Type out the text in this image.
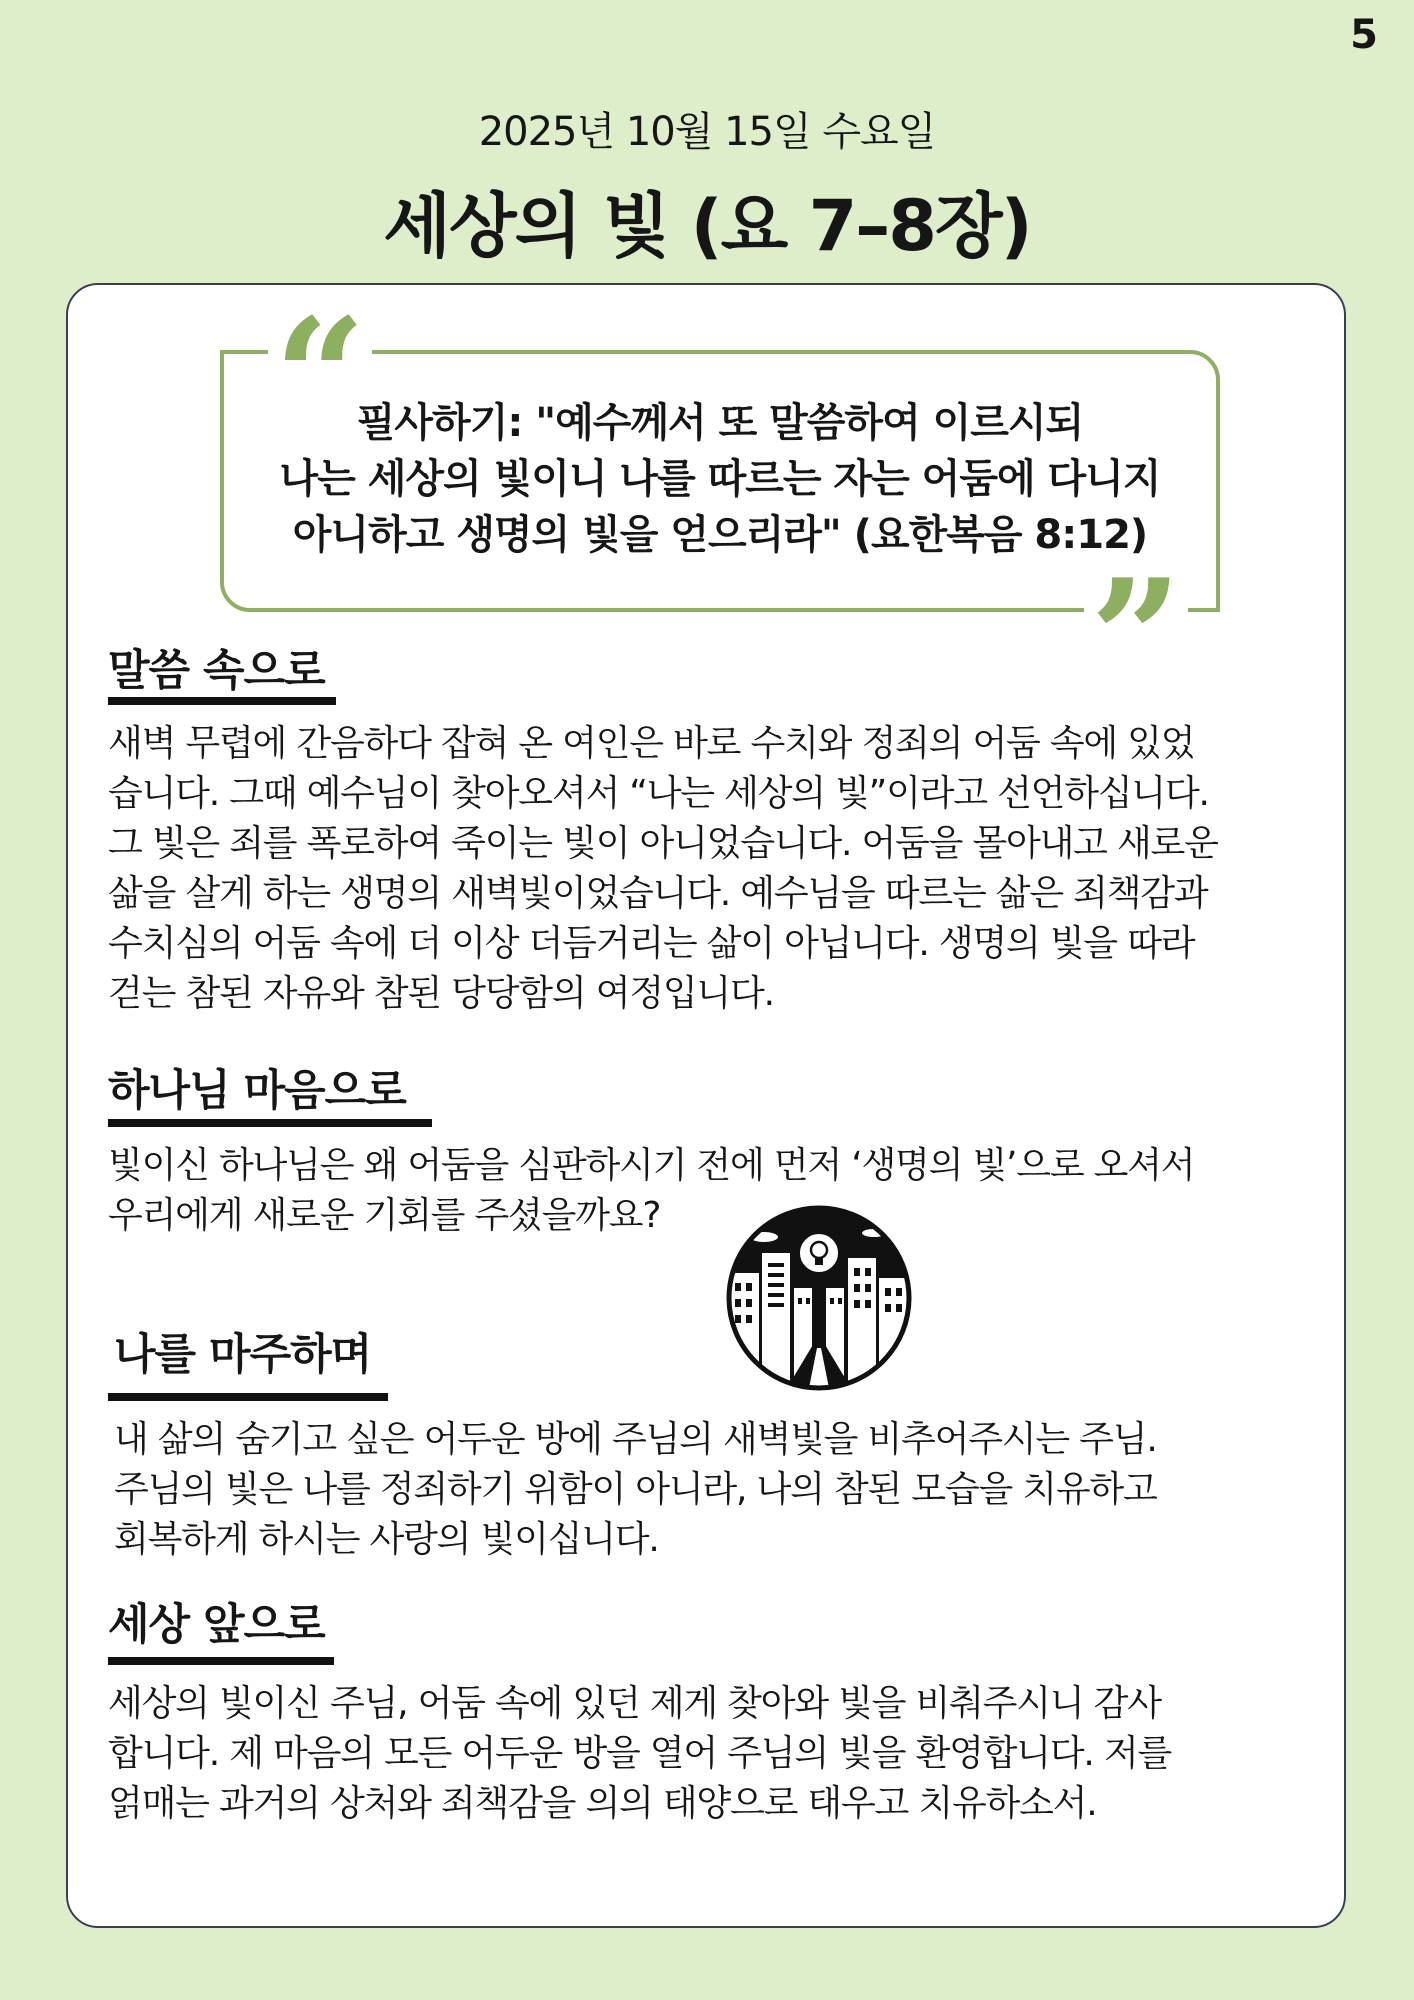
5
2025년 10월 15일 수요일
세상의 빛 (요 7–8장)
“
”
필사하기: "예수께서 또 말씀하여 이르시되
나는 세상의 빛이니 나를 따르는 자는 어둠에 다니지
아니하고 생명의 빛을 얻으리라" (요한복음 8:12)
말씀 속으로
새벽 무렵에 간음하다 잡혀 온 여인은 바로 수치와 정죄의 어둠 속에 있었
습니다. 그때 예수님이 찾아오셔서 “나는 세상의 빛”이라고 선언하십니다.
그 빛은 죄를 폭로하여 죽이는 빛이 아니었습니다. 어둠을 몰아내고 새로운
삶을 살게 하는 생명의 새벽빛이었습니다. 예수님을 따르는 삶은 죄책감과
수치심의 어둠 속에 더 이상 더듬거리는 삶이 아닙니다. 생명의 빛을 따라
걷는 참된 자유와 참된 당당함의 여정입니다.
하나님 마음으로
빛이신 하나님은 왜 어둠을 심판하시기 전에 먼저 ‘생명의 빛’으로 오셔서
우리에게 새로운 기회를 주셨을까요?
나를 마주하며
내 삶의 숨기고 싶은 어두운 방에 주님의 새벽빛을 비추어주시는 주님.
주님의 빛은 나를 정죄하기 위함이 아니라, 나의 참된 모습을 치유하고
회복하게 하시는 사랑의 빛이십니다.
세상 앞으로
세상의 빛이신 주님, 어둠 속에 있던 제게 찾아와 빛을 비춰주시니 감사
합니다. 제 마음의 모든 어두운 방을 열어 주님의 빛을 환영합니다. 저를
얽매는 과거의 상처와 죄책감을 의의 태양으로 태우고 치유하소서.
